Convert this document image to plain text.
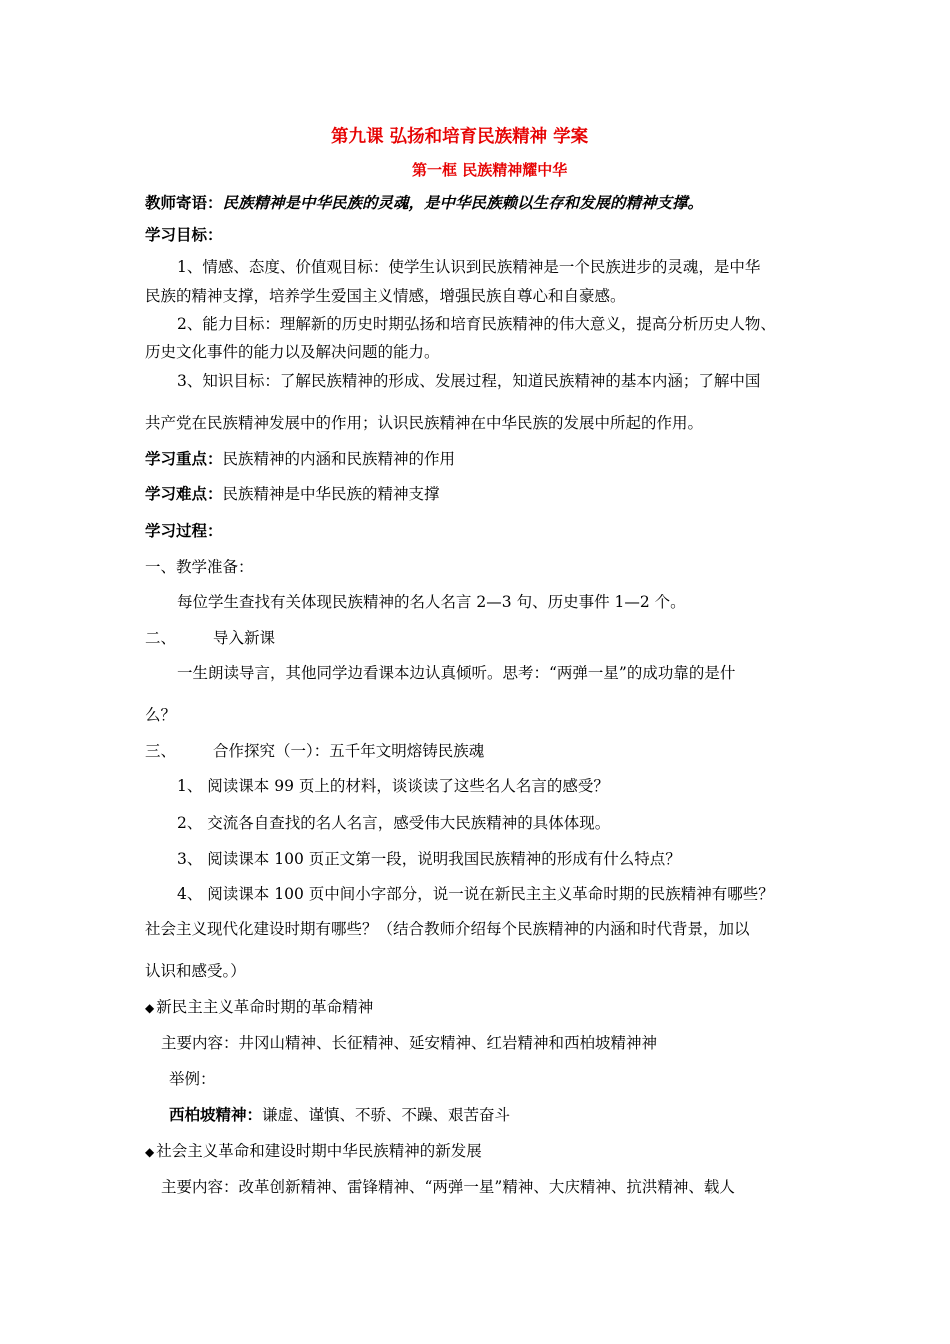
第九课 弘扬和培育民族精神 学案
第一框 民族精神耀中华
教师寄语：民族精神是中华民族的灵魂，是中华民族赖以生存和发展的精神支撑。
学习目标：
1、情感、态度、价值观目标：使学生认识到民族精神是一个民族进步的灵魂，是中华
民族的精神支撑，培养学生爱国主义情感，增强民族自尊心和自豪感。
2、能力目标：理解新的历史时期弘扬和培育民族精神的伟大意义，提高分析历史人物、
历史文化事件的能力以及解决问题的能力。
3、知识目标：了解民族精神的形成、发展过程，知道民族精神的基本内涵；了解中国
共产党在民族精神发展中的作用；认识民族精神在中华民族的发展中所起的作用。
学习重点：民族精神的内涵和民族精神的作用
学习难点：民族精神是中华民族的精神支撑
学习过程：
一、教学准备：
每位学生查找有关体现民族精神的名人名言 2—3 句、历史事件 1—2 个。
二、 导入新课
一生朗读导言，其他同学边看课本边认真倾听。思考：“两弹一星”的成功靠的是什
么？
三、 合作探究（一）：五千年文明熔铸民族魂
1、 阅读课本 99 页上的材料，谈谈读了这些名人名言的感受？
2、 交流各自查找的名人名言，感受伟大民族精神的具体体现。
3、 阅读课本 100 页正文第一段，说明我国民族精神的形成有什么特点？
4、 阅读课本 100 页中间小字部分，说一说在新民主主义革命时期的民族精神有哪些？
社会主义现代化建设时期有哪些？（结合教师介绍每个民族精神的内涵和时代背景，加以
认识和感受。）
◆ 新民主主义革命时期的革命精神
主要内容：井冈山精神、长征精神、延安精神、红岩精神和西柏坡精神神
举例：
西柏坡精神：谦虚、谨慎、不骄、不躁、艰苦奋斗
◆ 社会主义革命和建设时期中华民族精神的新发展
主要内容：改革创新精神、雷锋精神、“两弹一星”精神、大庆精神、抗洪精神、载人
